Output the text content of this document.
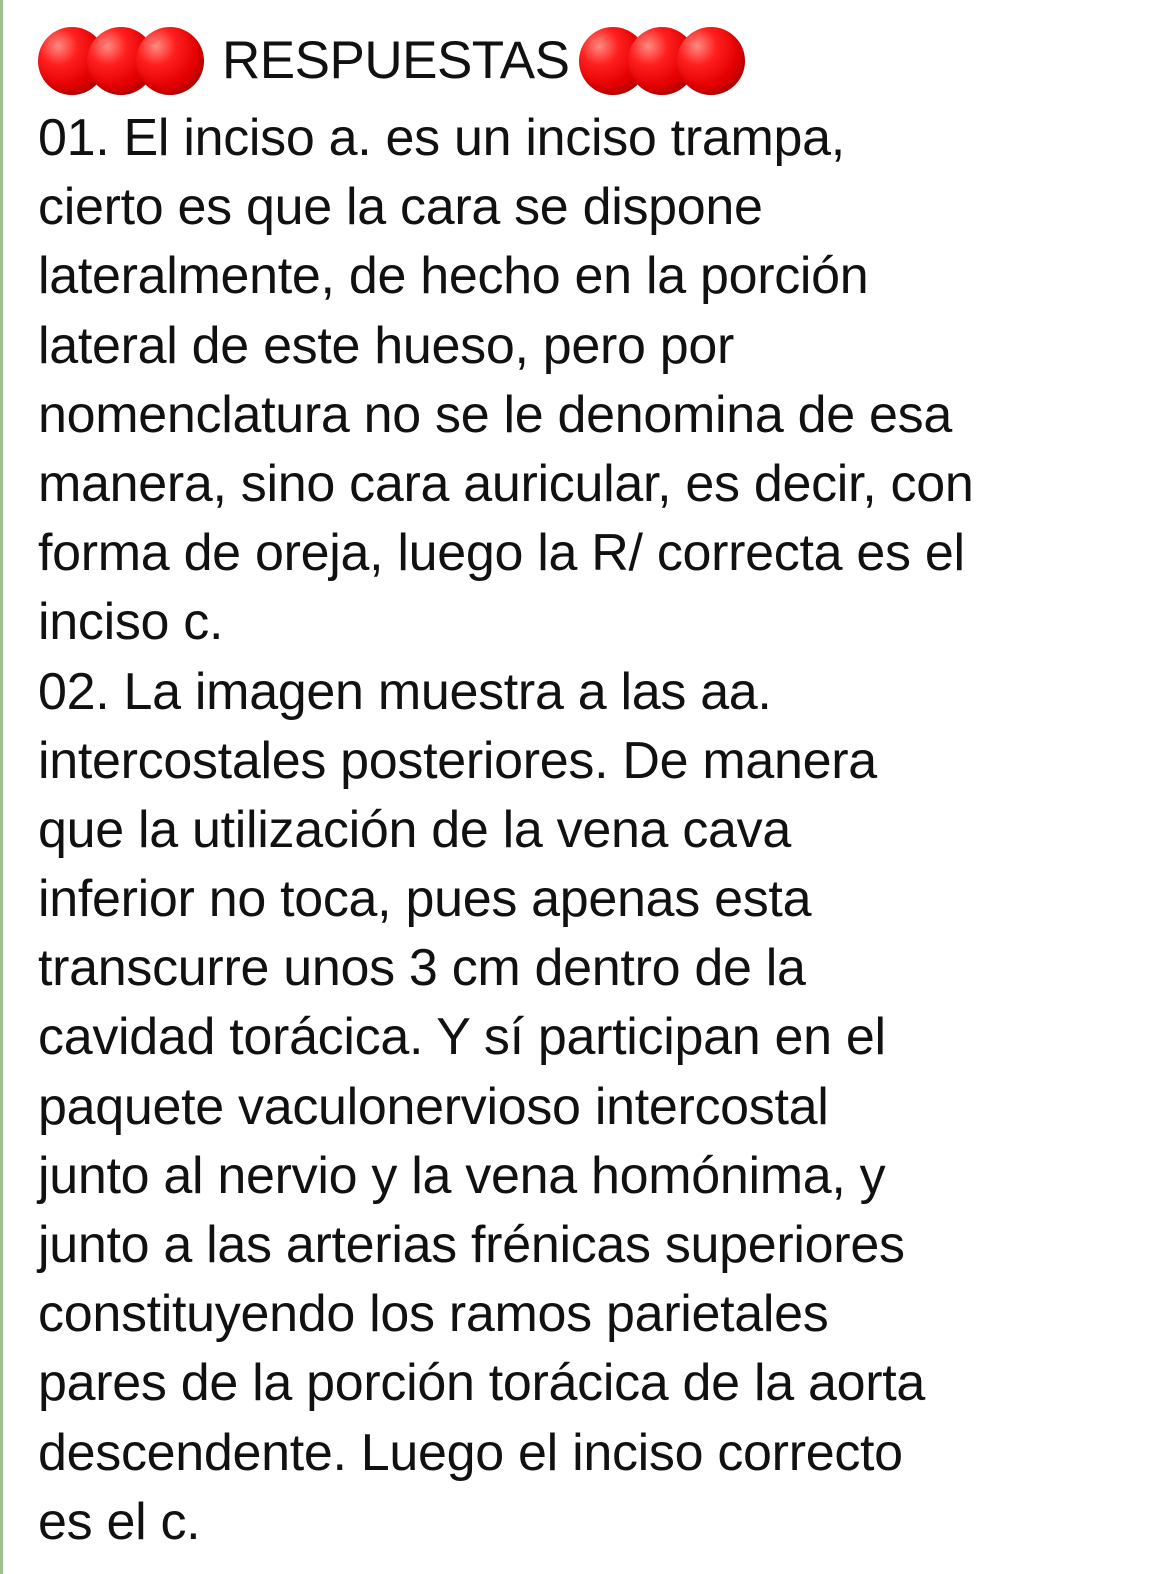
RESPUESTAS
01. El inciso a. es un inciso trampa,
cierto es que la cara se dispone
lateralmente, de hecho en la porción
lateral de este hueso, pero por
nomenclatura no se le denomina de esa
manera, sino cara auricular, es decir, con
forma de oreja, luego la R/ correcta es el
inciso c.
02. La imagen muestra a las aa.
intercostales posteriores. De manera
que la utilización de la vena cava
inferior no toca, pues apenas esta
transcurre unos 3 cm dentro de la
cavidad torácica. Y sí participan en el
paquete vaculonervioso intercostal
junto al nervio y la vena homónima, y
junto a las arterias frénicas superiores
constituyendo los ramos parietales
pares de la porción torácica de la aorta
descendente. Luego el inciso correcto
es el c.
